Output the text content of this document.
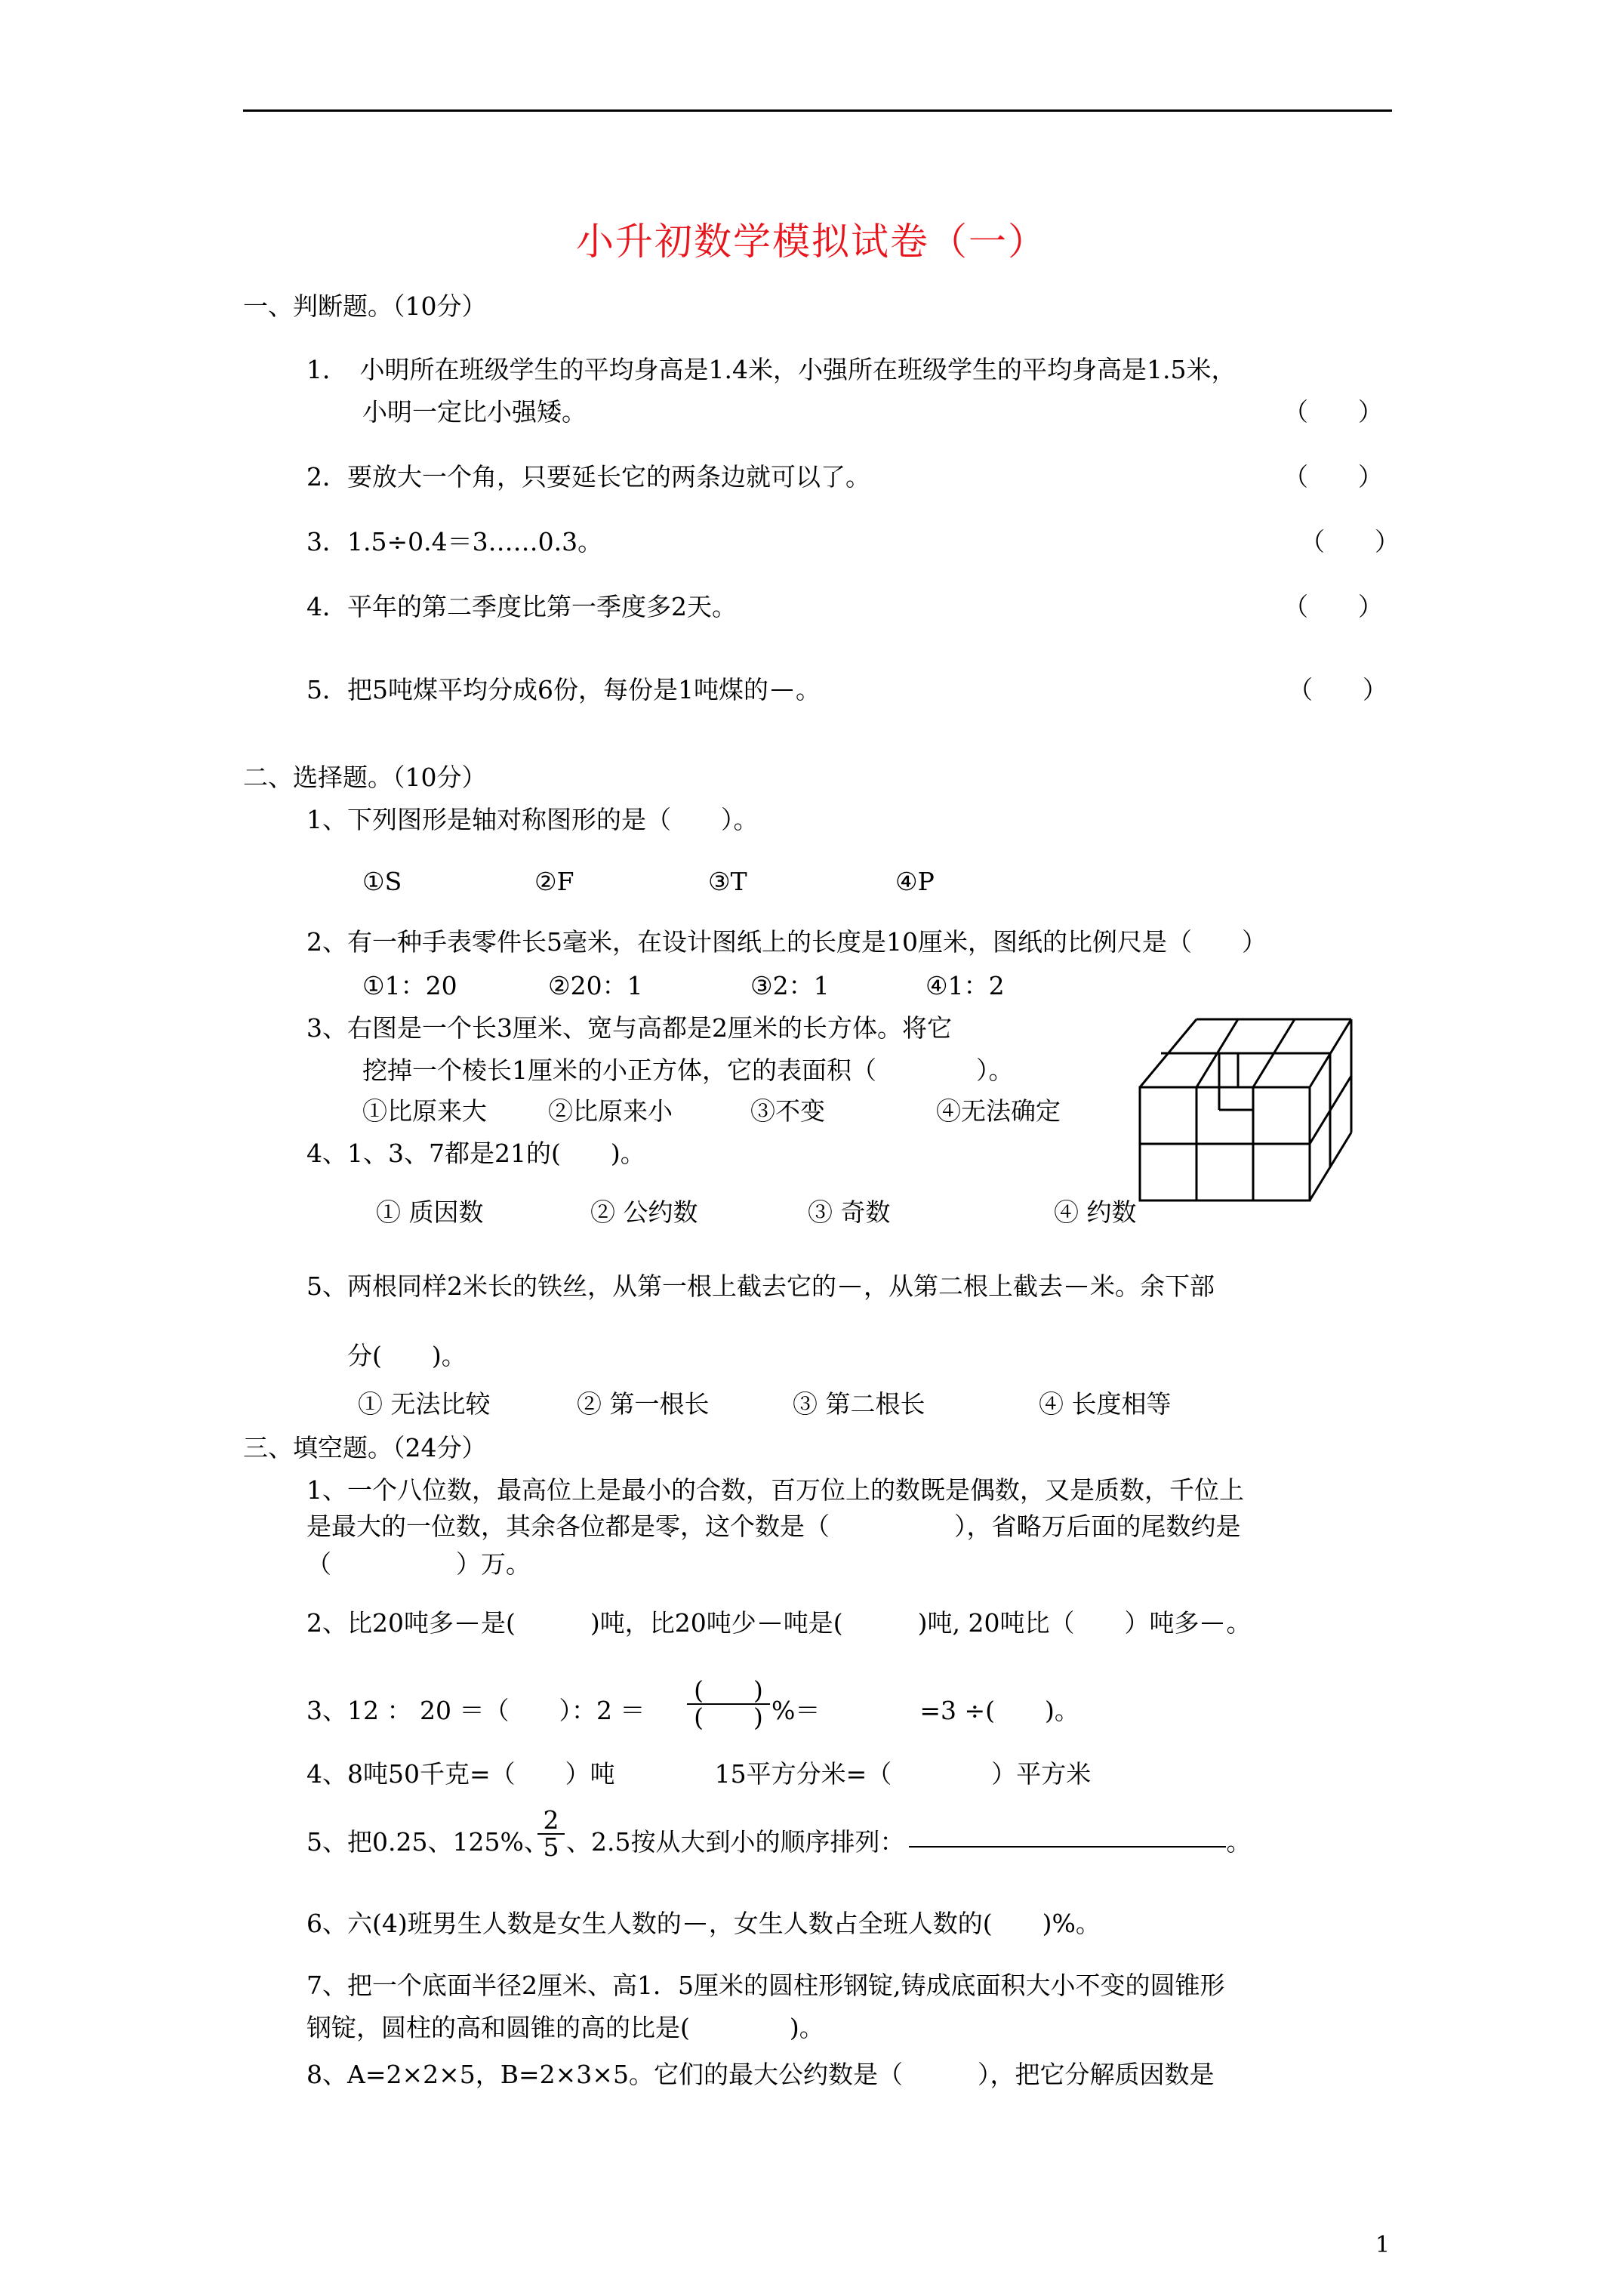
小升初数学模拟试卷（一）
一、判断题。（10分）
1．　小明所在班级学生的平均身高是1.4米，小强所在班级学生的平均身高是1.5米，
小明一定比小强矮。	（　　）
2．要放大一个角，只要延长它的两条边就可以了。	（　　）
3．1.5÷0.4＝3……0.3。	（　　）
4．平年的第二季度比第一季度多2天。	（　　）
5．把5吨煤平均分成6份，每份是1吨煤的 。	（　　）
二、选择题。（10分）
1、下列图形是轴对称图形的是（　　）。
①S	②F	③T	④P
2、有一种手表零件长5毫米，在设计图纸上的长度是10厘米，图纸的比例尺是（　　）
①1：20	②20：1	③2：1	④1：2
3、右图是一个长3厘米、宽与高都是2厘米的长方体。将它
挖掉一个棱长1厘米的小正方体，它的表面积（　　　　）。
①比原来大 ②比原来小	③不变	④无法确定
4、1、3、7都是21的(　　)。
① 质因数	② 公约数	③ 奇数	④ 约数
5、两根同样2米长的铁丝，从第一根上截去它的 ，从第二根上截去 米。余下部
分(　　)。
① 无法比较	② 第一根长	③ 第二根长	④ 长度相等
三、填空题。（24分）
1、一个八位数，最高位上是最小的合数，百万位上的数既是偶数，又是质数，千位上
是最大的一位数，其余各位都是零，这个数是（　　　　　），省略万后面的尾数约是
（　　　　　）万。
2、比20吨多 是(　　　)吨，比20吨少 吨是(　　　)吨, 20吨比（　　）吨多 。
3、12 ： 20 ＝（　　）：2 ＝
(　　)
(　　) %＝　　　　=3 ÷(　　)。
4、8吨50千克=（　　）吨　　　　15平方分米=（　　　　）平方米
5、把0.25、125%、
$\frac{2}{5}$ 、2.5按从大到小的顺序排列：	。
6、六(4)班男生人数是女生人数的 ，女生人数占全班人数的(　　)%。
7、把一个底面半径2厘米、高1．5厘米的圆柱形钢锭,铸成底面积大小不变的圆锥形
钢锭，圆柱的高和圆锥的高的比是(　　　　)。
8、A=2×2×5，B=2×3×5。它们的最大公约数是（　　　），把它分解质因数是
1
